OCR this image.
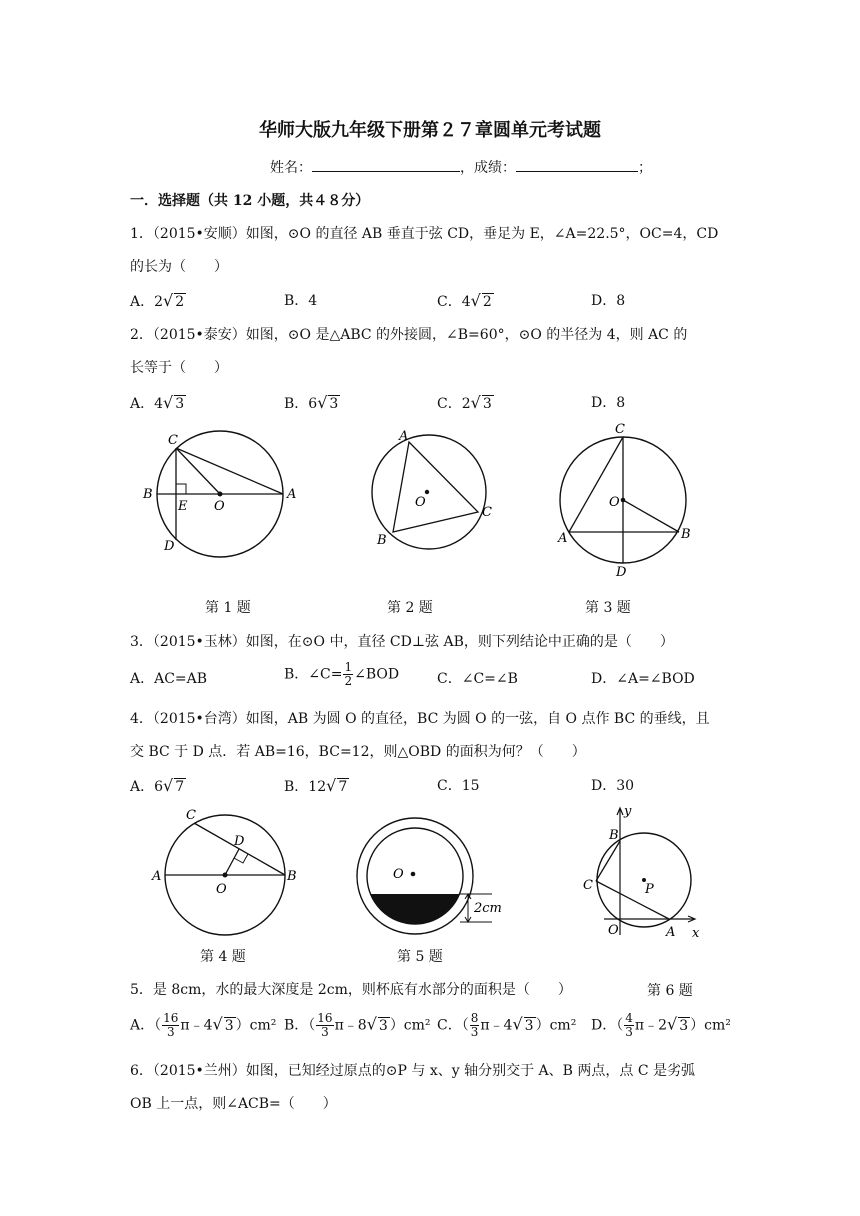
华师大版九年级下册第２７章圆单元考试题
姓名：	，成绩：	；
一．选择题（共 12 小题，共４８分）
1．（2015•安顺）如图，⊙O 的直径 AB 垂直于弦 CD，垂足为 E，∠A=22.5°，OC=4，CD
的长为（　　）
A．2√ 2	B．4	C．4√ 2	D．8
2．（2015•泰安）如图，⊙O 是△ABC 的外接圆，∠B=60°，⊙O 的半径为 4，则 AC 的
长等于（　　）
A．4√ 3	B．6√ 3	C．2√ 3	D．8
C
B
E O
A
D
A
O
B
C
C
O
A	B
D
第 1 题	第 2 题	第 3 题
3．（2015•玉林）如图，在⊙O 中，直径 CD⊥弦 AB，则下列结论中正确的是（　　）
A．AC=AB	B．∠C= $\frac{1}{2}$ ∠BOD	C．∠C=∠B	D．∠A=∠BOD
4．（2015•台湾）如图，AB 为圆 O 的直径，BC 为圆 O 的一弦，自 O 点作 BC 的垂线，且
交 BC 于 D 点．若 AB=16，BC=12，则△OBD 的面积为何？（　　）
A．6√ 7	B．12√ 7	C．15	D．30
C
D
A
O
B	O
2cm
y
B
C	P
O	A x
第 4 题	第 5 题
第 6 题
5．是 8cm，水的最大深度是 2cm，则杯底有水部分的面积是（　　）
A．（ $\frac{16}{3}$ π﹣4√ 3 ）cm² B．（ $\frac{16}{3}$ π﹣8√ 3 ）cm² C．（ $\frac{8}{3}$ π﹣4√ 3 ）cm² D．（ $\frac{4}{3}$ π﹣2√ 3 ）cm²
6．（2015•兰州）如图，已知经过原点的⊙P 与 x、y 轴分别交于 A、B 两点，点 C 是劣弧
OB 上一点，则∠ACB=（　　）
